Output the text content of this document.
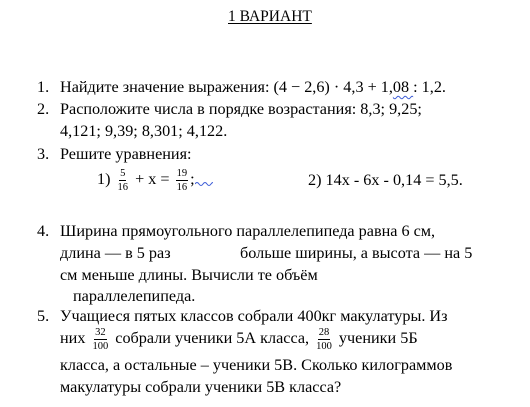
1 ВАРИАНТ
1. Найдите значение выражения: (4 − 2,6) · 4,3 + 1,08 : 1,2.
2. Расположите числа в порядке возрастания: 8,3; 9,25;
4,121; 9,39; 8,301; 4,122.
3. Решите уравнения:
$1) \frac{5}{16} + x = \frac{19}{16}$ ;	2) 14x - 6x - 0,14 = 5,5.
4. Ширина прямоугольного параллелепипеда равна 6 см,
длина — в 5 раз	больше ширины, а высота — на 5
см меньше длины. Вычисли те объём
параллелепипеда.
5. Учащиеся пятых классов собрали 400кг макулатуры. Из
них $\frac{32}{100}$ собрали ученики 5А класса, $\frac{28}{100}$ ученики 5Б
класса, а остальные – ученики 5В. Сколько килограммов
макулатуры собрали ученики 5В класса?
